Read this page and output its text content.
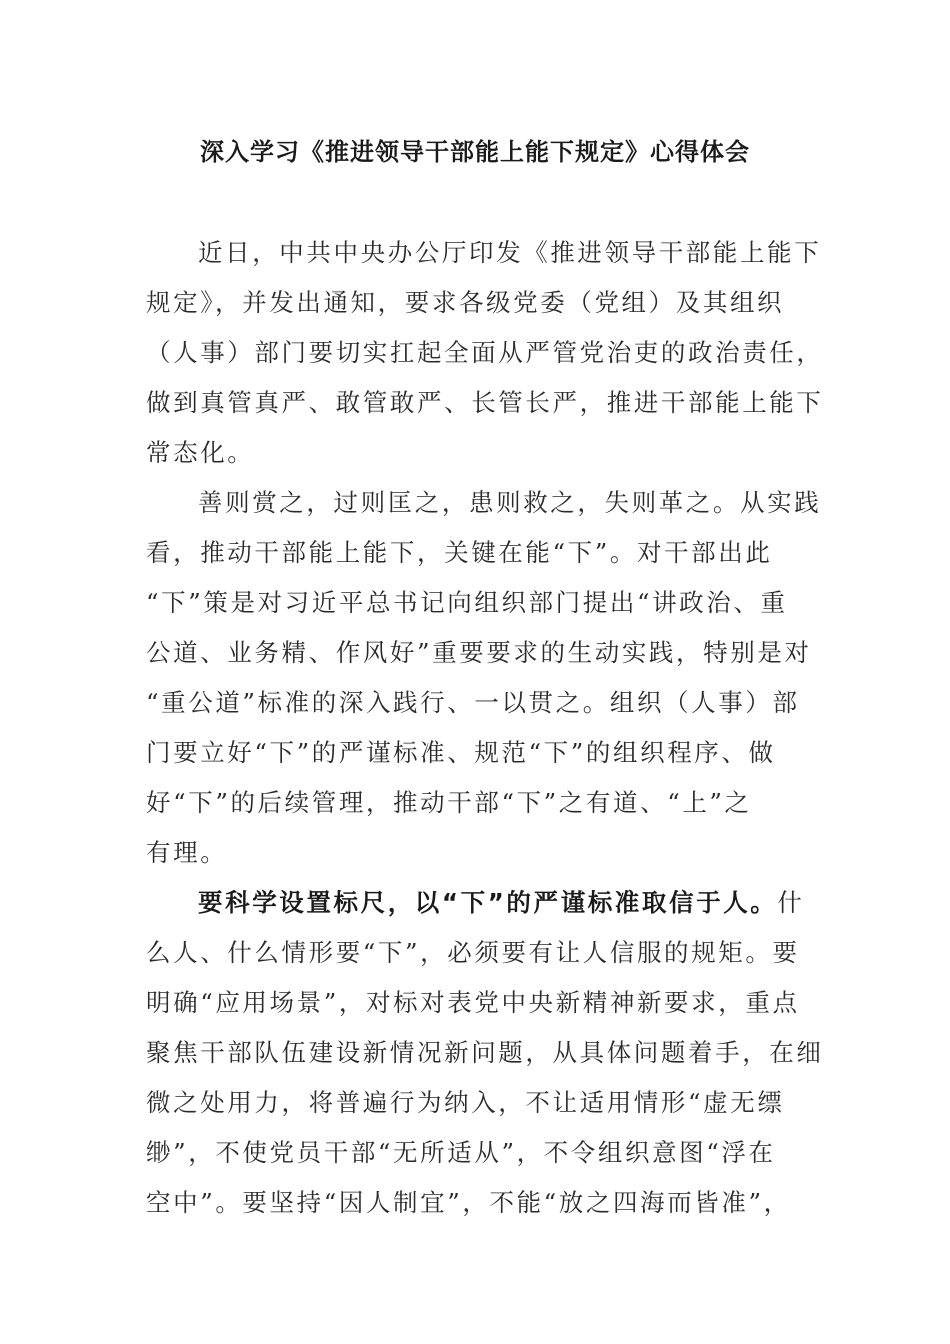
深入学习《推进领导干部能上能下规定》心得体会
近日，中共中央办公厅印发《推进领导干部能上能下
规定》，并发出通知，要求各级党委（党组）及其组织
（人事）部门要切实扛起全面从严管党治吏的政治责任，
做到真管真严、敢管敢严、长管长严，推进干部能上能下
常态化。
善则赏之，过则匡之，患则救之，失则革之。从实践
看，推动干部能上能下，关键在能“下”。对干部出此
“下”策是对习近平总书记向组织部门提出“讲政治、重
公道、业务精、作风好”重要要求的生动实践，特别是对
“重公道”标准的深入践行、一以贯之。组织（人事）部
门要立好“下”的严谨标准、规范“下”的组织程序、做
好“下”的后续管理，推动干部“下”之有道、“上”之
有理。
要科学设置标尺，以“下”的严谨标准取信于人。什
么人、什么情形要“下”，必须要有让人信服的规矩。要
明确“应用场景”，对标对表党中央新精神新要求，重点
聚焦干部队伍建设新情况新问题，从具体问题着手，在细
微之处用力，将普遍行为纳入，不让适用情形“虚无缥
缈”，不使党员干部“无所适从”，不令组织意图“浮在
空中”。要坚持“因人制宜”，不能“放之四海而皆准”，
